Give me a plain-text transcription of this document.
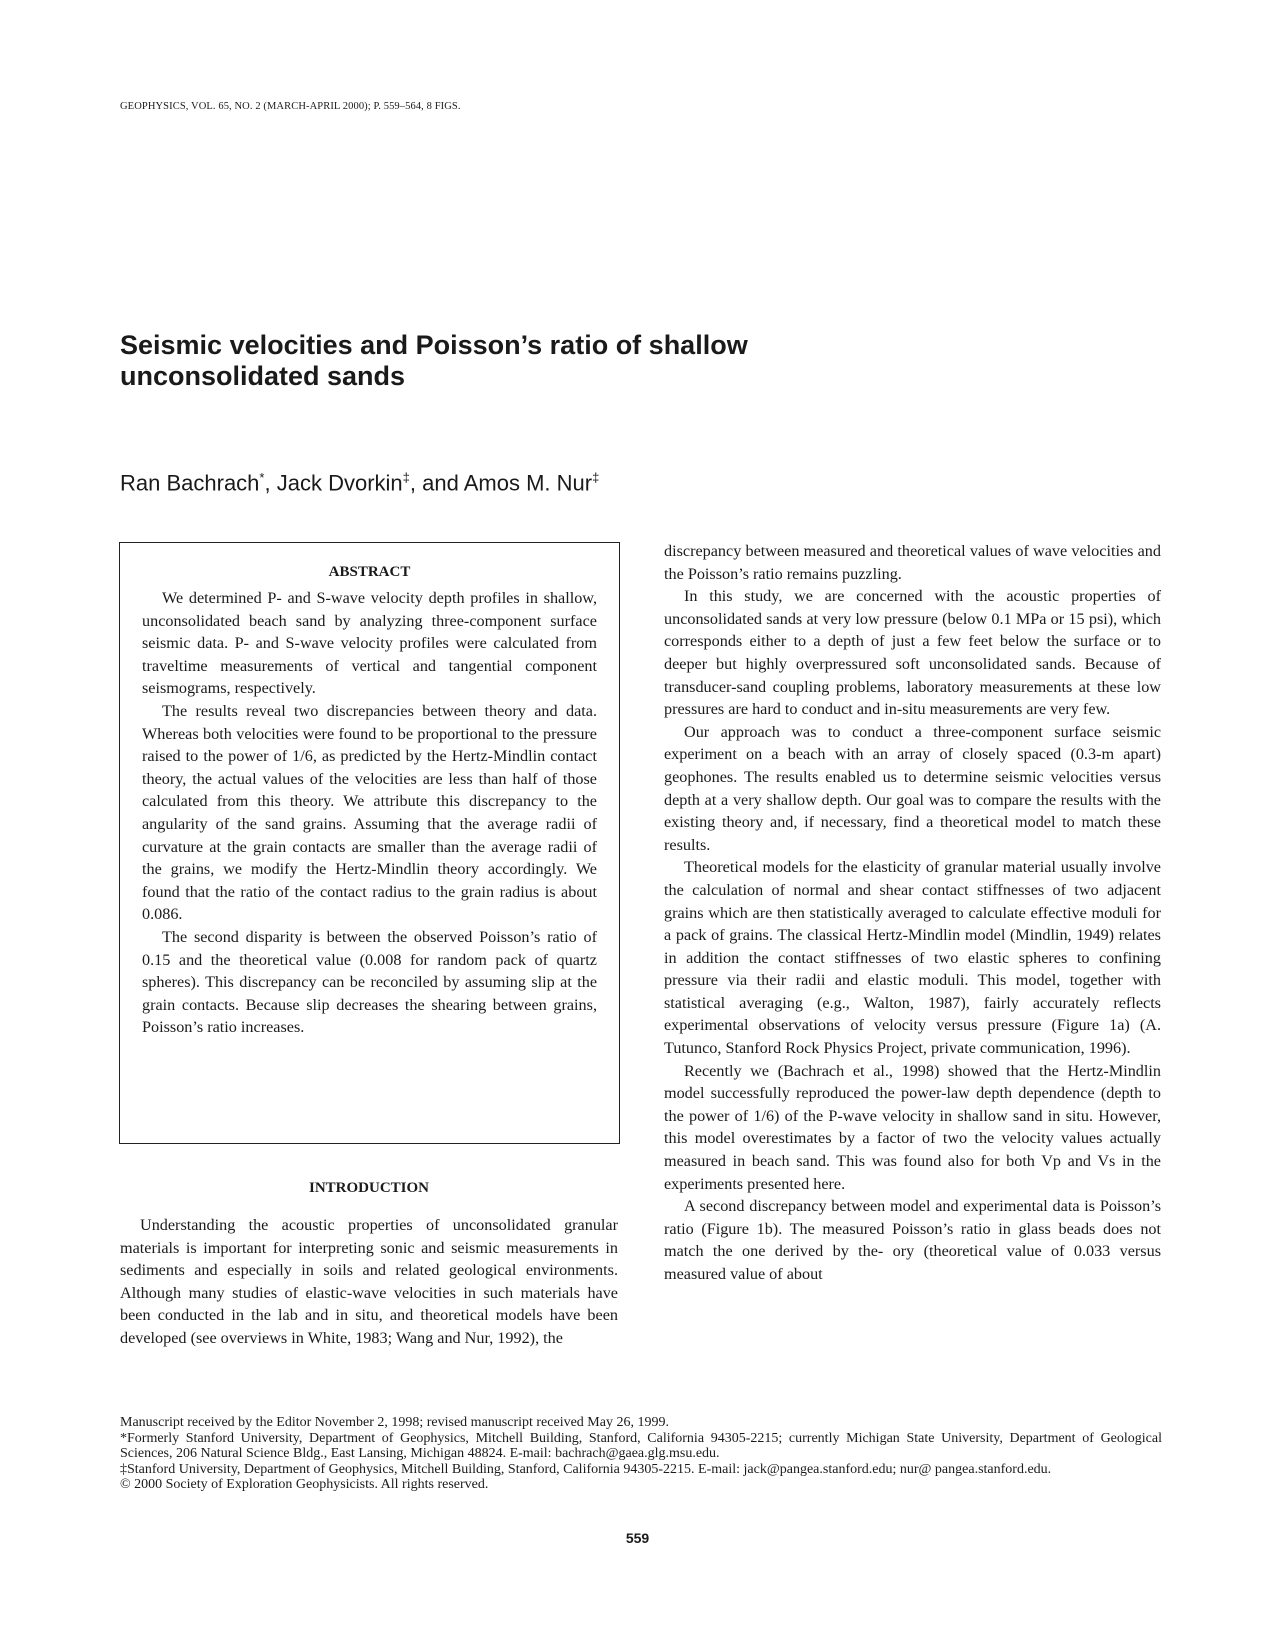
GEOPHYSICS, VOL. 65, NO. 2 (MARCH-APRIL 2000); P. 559–564, 8 FIGS.
Seismic velocities and Poisson’s ratio of shallow unconsolidated sands
Ran Bachrach*, Jack Dvorkin‡, and Amos M. Nur‡
ABSTRACT

We determined P- and S-wave velocity depth profiles in shallow, unconsolidated beach sand by analyzing three-component surface seismic data. P- and S-wave velocity profiles were calculated from traveltime measurements of vertical and tangential component seismograms, respectively.

The results reveal two discrepancies between theory and data. Whereas both velocities were found to be proportional to the pressure raised to the power of 1/6, as predicted by the Hertz-Mindlin contact theory, the actual values of the velocities are less than half of those calculated from this theory. We attribute this discrepancy to the angularity of the sand grains. Assuming that the average radii of curvature at the grain contacts are smaller than the average radii of the grains, we modify the Hertz-Mindlin theory accordingly. We found that the ratio of the contact radius to the grain radius is about 0.086.

The second disparity is between the observed Poisson’s ratio of 0.15 and the theoretical value (0.008 for random pack of quartz spheres). This discrepancy can be reconciled by assuming slip at the grain contacts. Because slip decreases the shearing between grains, Poisson’s ratio increases.

INTRODUCTION

Understanding the acoustic properties of unconsolidated granular materials is important for interpreting sonic and seismic measurements in sediments and especially in soils and related geological environments. Although many studies of elastic-wave velocities in such materials have been conducted in the lab and in situ, and theoretical models have been developed (see overviews in White, 1983; Wang and Nur, 1992), the

discrepancy between measured and theoretical values of wave velocities and the Poisson’s ratio remains puzzling.

In this study, we are concerned with the acoustic properties of unconsolidated sands at very low pressure (below 0.1 MPa or 15 psi), which corresponds either to a depth of just a few feet below the surface or to deeper but highly overpressured soft unconsolidated sands. Because of transducer-sand coupling problems, laboratory measurements at these low pressures are hard to conduct and in-situ measurements are very few.

Our approach was to conduct a three-component surface seismic experiment on a beach with an array of closely spaced (0.3-m apart) geophones. The results enabled us to determine seismic velocities versus depth at a very shallow depth. Our goal was to compare the results with the existing theory and, if necessary, find a theoretical model to match these results.

Theoretical models for the elasticity of granular material usually involve the calculation of normal and shear contact stiffnesses of two adjacent grains which are then statistically averaged to calculate effective moduli for a pack of grains. The classical Hertz-Mindlin model (Mindlin, 1949) relates in addition the contact stiffnesses of two elastic spheres to confining pressure via their radii and elastic moduli. This model, together with statistical averaging (e.g., Walton, 1987), fairly accurately reflects experimental observations of velocity versus pressure (Figure 1a) (A. Tutunco, Stanford Rock Physics Project, private communication, 1996).

Recently we (Bachrach et al., 1998) showed that the Hertz-Mindlin model successfully reproduced the power-law depth dependence (depth to the power of 1/6) of the P-wave velocity in shallow sand in situ. However, this model overestimates by a factor of two the velocity values actually measured in beach sand. This was found also for both Vp and Vs in the experiments presented here.

A second discrepancy between model and experimental data is Poisson’s ratio (Figure 1b). The measured Poisson’s ratio in glass beads does not match the one derived by the- ory (theoretical value of 0.033 versus measured value of about

Manuscript received by the Editor November 2, 1998; revised manuscript received May 26, 1999.

*Formerly Stanford University, Department of Geophysics, Mitchell Building, Stanford, California 94305-2215; currently Michigan State University, Department of Geological Sciences, 206 Natural Science Bldg., East Lansing, Michigan 48824. E-mail: bachrach@gaea.glg.msu.edu.

‡Stanford University, Department of Geophysics, Mitchell Building, Stanford, California 94305-2215. E-mail: jack@pangea.stanford.edu; nur@ pangea.stanford.edu.

© 2000 Society of Exploration Geophysicists. All rights reserved.

559
